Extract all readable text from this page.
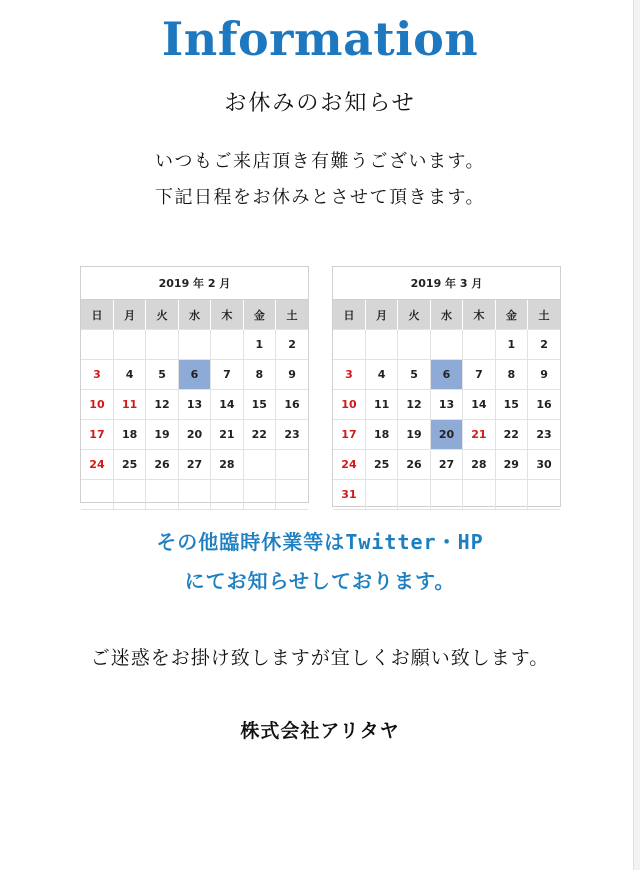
Information
お休みのお知らせ
いつもご来店頂き有難うございます。
下記日程をお休みとさせて頂きます。
2019 年 2 月
日	月	火	水	木	金	土
					1	2
3	4	5	6	7	8	9
10	11	12	13	14	15	16
17	18	19	20	21	22	23
24	25	26	27	28		

2019 年 3 月
日	月	火	水	木	金	土
					1	2
3	4	5	6	7	8	9
10	11	12	13	14	15	16
17	18	19	20	21	22	23
24	25	26	27	28	29	30
31						
その他臨時休業等はTwitter・HP
にてお知らせしております。
ご迷惑をお掛け致しますが宜しくお願い致します。
株式会社アリタヤ
